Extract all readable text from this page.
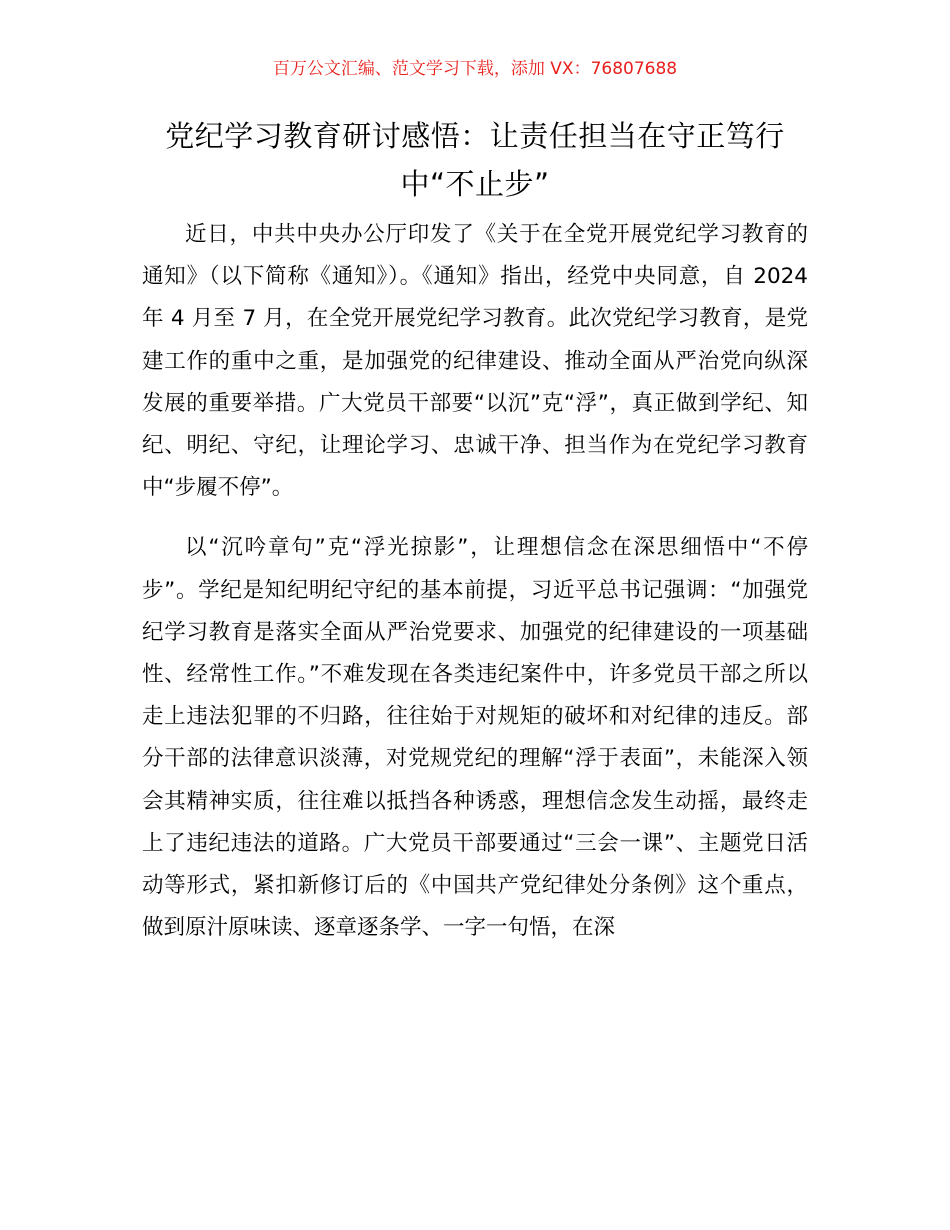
百万公文汇编、范文学习下载，添加 VX：76807688
党纪学习教育研讨感悟：让责任担当在守正笃行中“不止步”

近日，中共中央办公厅印发了《关于在全党开展党纪学习教育的通知》（以下简称《通知》）。《通知》指出，经党中央同意，自 2024 年 4 月至 7 月，在全党开展党纪学习教育。此次党纪学习教育，是党建工作的重中之重，是加强党的纪律建设、推动全面从严治党向纵深发展的重要举措。广大党员干部要“以沉”克“浮”，真正做到学纪、知纪、明纪、守纪，让理论学习、忠诚干净、担当作为在党纪学习教育中“步履不停”。

以“沉吟章句”克“浮光掠影”，让理想信念在深思细悟中“不停步”。学纪是知纪明纪守纪的基本前提，习近平总书记强调：“加强党纪学习教育是落实全面从严治党要求、加强党的纪律建设的一项基础性、经常性工作。”不难发现在各类违纪案件中，许多党员干部之所以走上违法犯罪的不归路，往往始于对规矩的破坏和对纪律的违反。部分干部的法律意识淡薄，对党规党纪的理解“浮于表面”，未能深入领会其精神实质，往往难以抵挡各种诱惑，理想信念发生动摇，最终走上了违纪违法的道路。广大党员干部要通过“三会一课”、主题党日活动等形式，紧扣新修订后的《中国共产党纪律处分条例》这个重点，做到原汁原味读、逐章逐条学、一字一句悟，在深
